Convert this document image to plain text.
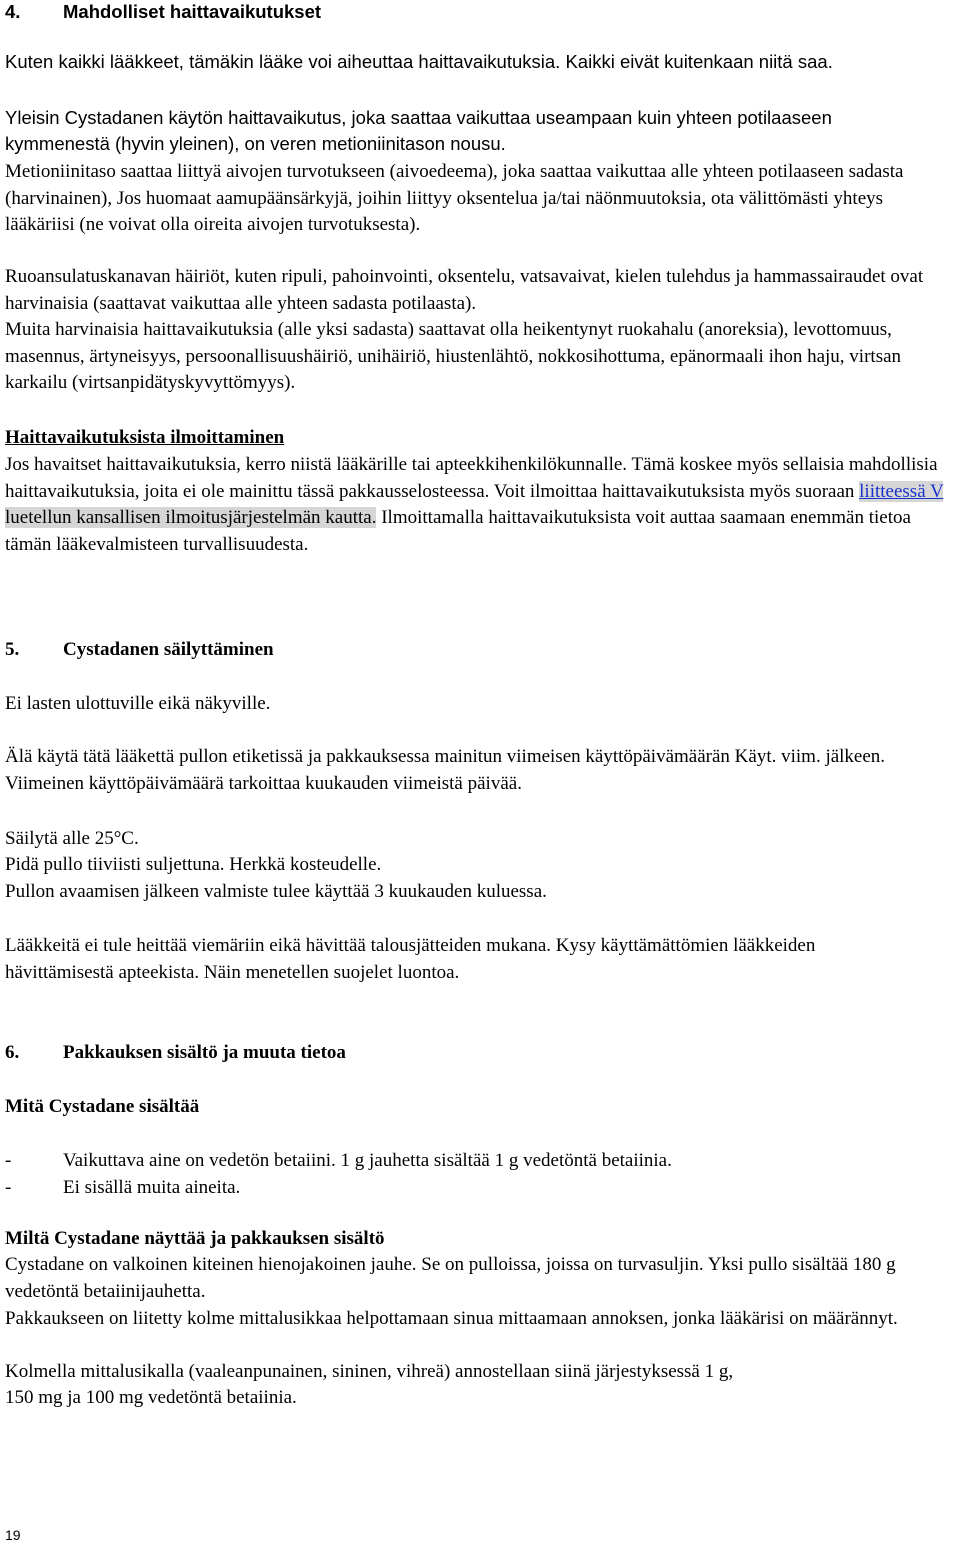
4. Mahdolliset haittavaikutukset

Kuten kaikki lääkkeet, tämäkin lääke voi aiheuttaa haittavaikutuksia. Kaikki eivät kuitenkaan niitä saa.

Yleisin Cystadanen käytön haittavaikutus, joka saattaa vaikuttaa useampaan kuin yhteen potilaaseen

kymmenestä (hyvin yleinen), on veren metioniinitason nousu.

Metioniinitaso saattaa liittyä aivojen turvotukseen (aivoedeema), joka saattaa vaikuttaa alle yhteen potilaaseen sadasta (harvinainen), Jos huomaat aamupäänsärkyjä, joihin liittyy oksentelua ja/tai näönmuutoksia, ota välittömästi yhteys lääkäriisi (ne voivat olla oireita aivojen turvotuksesta).

Ruoansulatuskanavan häiriöt, kuten ripuli, pahoinvointi, oksentelu, vatsavaivat, kielen tulehdus ja hammassairaudet ovat harvinaisia (saattavat vaikuttaa alle yhteen sadasta potilaasta).

Muita harvinaisia haittavaikutuksia (alle yksi sadasta) saattavat olla heikentynyt ruokahalu (anoreksia), levottomuus, masennus, ärtyneisyys, persoonallisuushäiriö, unihäiriö, hiustenlähtö, nokkosihottuma, epänormaali ihon haju, virtsan karkailu (virtsanpidätyskyvyttömyys).

Haittavaikutuksista ilmoittaminen

Jos havaitset haittavaikutuksia, kerro niistä lääkärille tai apteekkihenkilökunnalle. Tämä koskee myös sellaisia mahdollisia haittavaikutuksia, joita ei ole mainittu tässä pakkausselosteessa. Voit ilmoittaa haittavaikutuksista myös suoraan liitteessä V luetellun kansallisen ilmoitusjärjestelmän kautta. Ilmoittamalla haittavaikutuksista voit auttaa saamaan enemmän tietoa tämän lääkevalmisteen turvallisuudesta.

5. Cystadanen säilyttäminen

Ei lasten ulottuville eikä näkyville.

Älä käytä tätä lääkettä pullon etiketissä ja pakkauksessa mainitun viimeisen käyttöpäivämäärän Käyt. viim. jälkeen. Viimeinen käyttöpäivämäärä tarkoittaa kuukauden viimeistä päivää.

Säilytä alle 25°C.

Pidä pullo tiiviisti suljettuna. Herkkä kosteudelle.

Pullon avaamisen jälkeen valmiste tulee käyttää 3 kuukauden kuluessa.

Lääkkeitä ei tule heittää viemäriin eikä hävittää talousjätteiden mukana. Kysy käyttämättömien lääkkeiden hävittämisestä apteekista. Näin menetellen suojelet luontoa.

6. Pakkauksen sisältö ja muuta tietoa

Mitä Cystadane sisältää

-	Vaikuttava aine on vedetön betaiini. 1 g jauhetta sisältää 1 g vedetöntä betaiinia.

-	Ei sisällä muita aineita.

Miltä Cystadane näyttää ja pakkauksen sisältö

Cystadane on valkoinen kiteinen hienojakoinen jauhe. Se on pulloissa, joissa on turvasuljin. Yksi pullo sisältää 180 g vedetöntä betaiinijauhetta.

Pakkaukseen on liitetty kolme mittalusikkaa helpottamaan sinua mittaamaan annoksen, jonka lääkärisi on määrännyt.

Kolmella mittalusikalla (vaaleanpunainen, sininen, vihreä) annostellaan siinä järjestyksessä 1 g,

150 mg ja 100 mg vedetöntä betaiinia.

19
